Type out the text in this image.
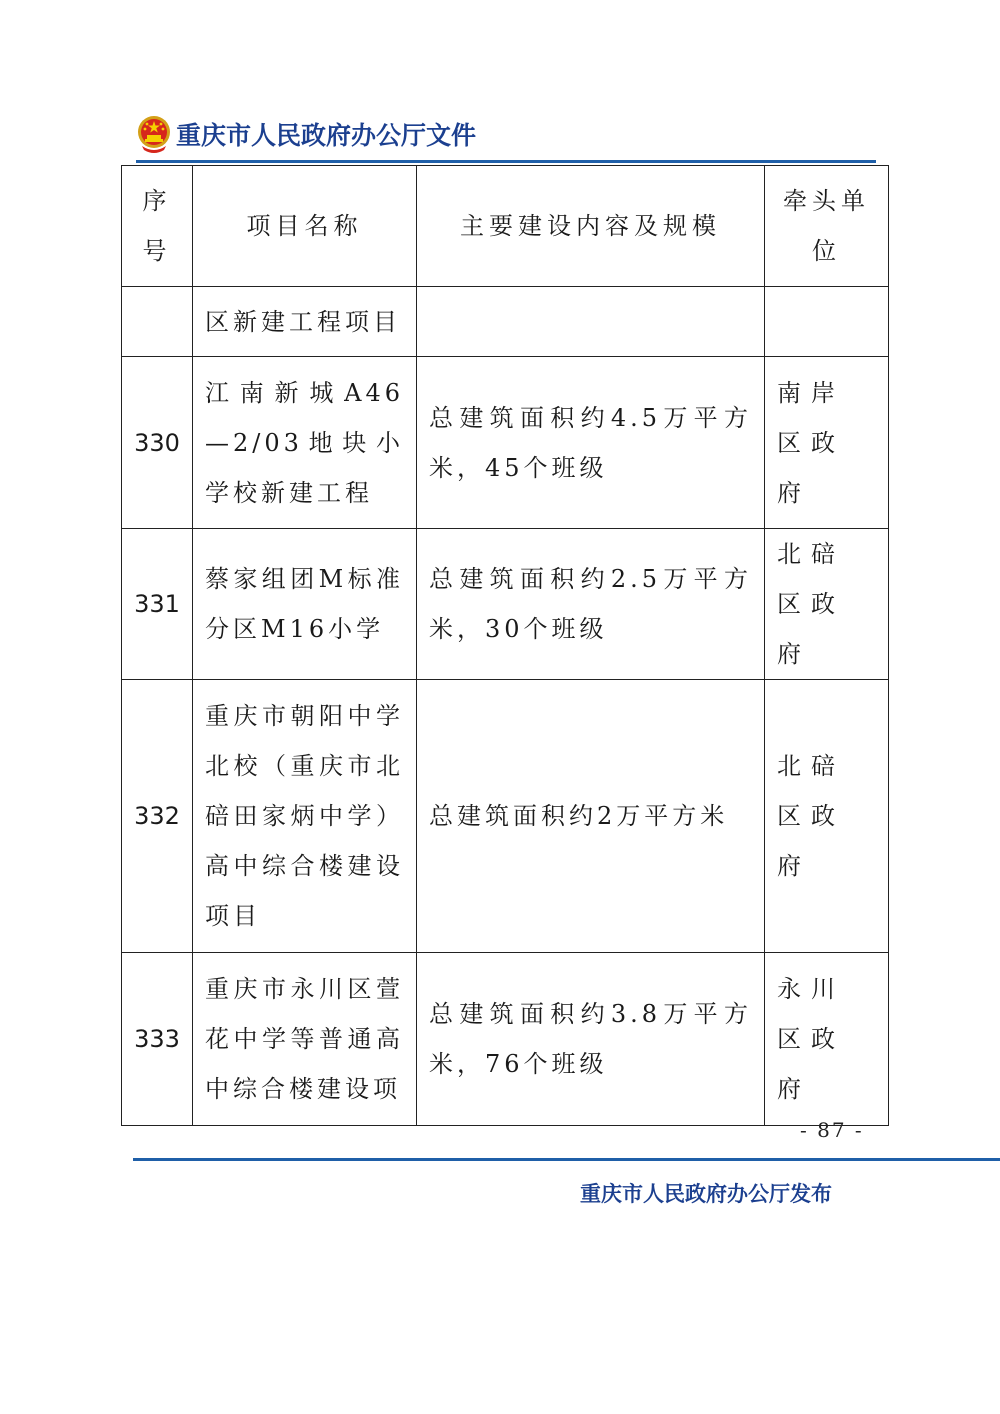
重庆市人民政府办公厅文件
序号	项目名称	主要建设内容及规模	牵头单位
	区新建工程项目		
330	江南新城A46—2/03地块小学校新建工程	总建筑面积约4.5万平方米，45个班级	南岸区政府
331	蔡家组团M标准分区M16小学	总建筑面积约2.5万平方米，30个班级	北碚区政府
332	重庆市朝阳中学北校（重庆市北碚田家炳中学）高中综合楼建设项目	总建筑面积约2万平方米	北碚区政府
333	重庆市永川区萱花中学等普通高中综合楼建设项	总建筑面积约3.8万平方米，76个班级	永川区政府
- 87 -
重庆市人民政府办公厅发布
